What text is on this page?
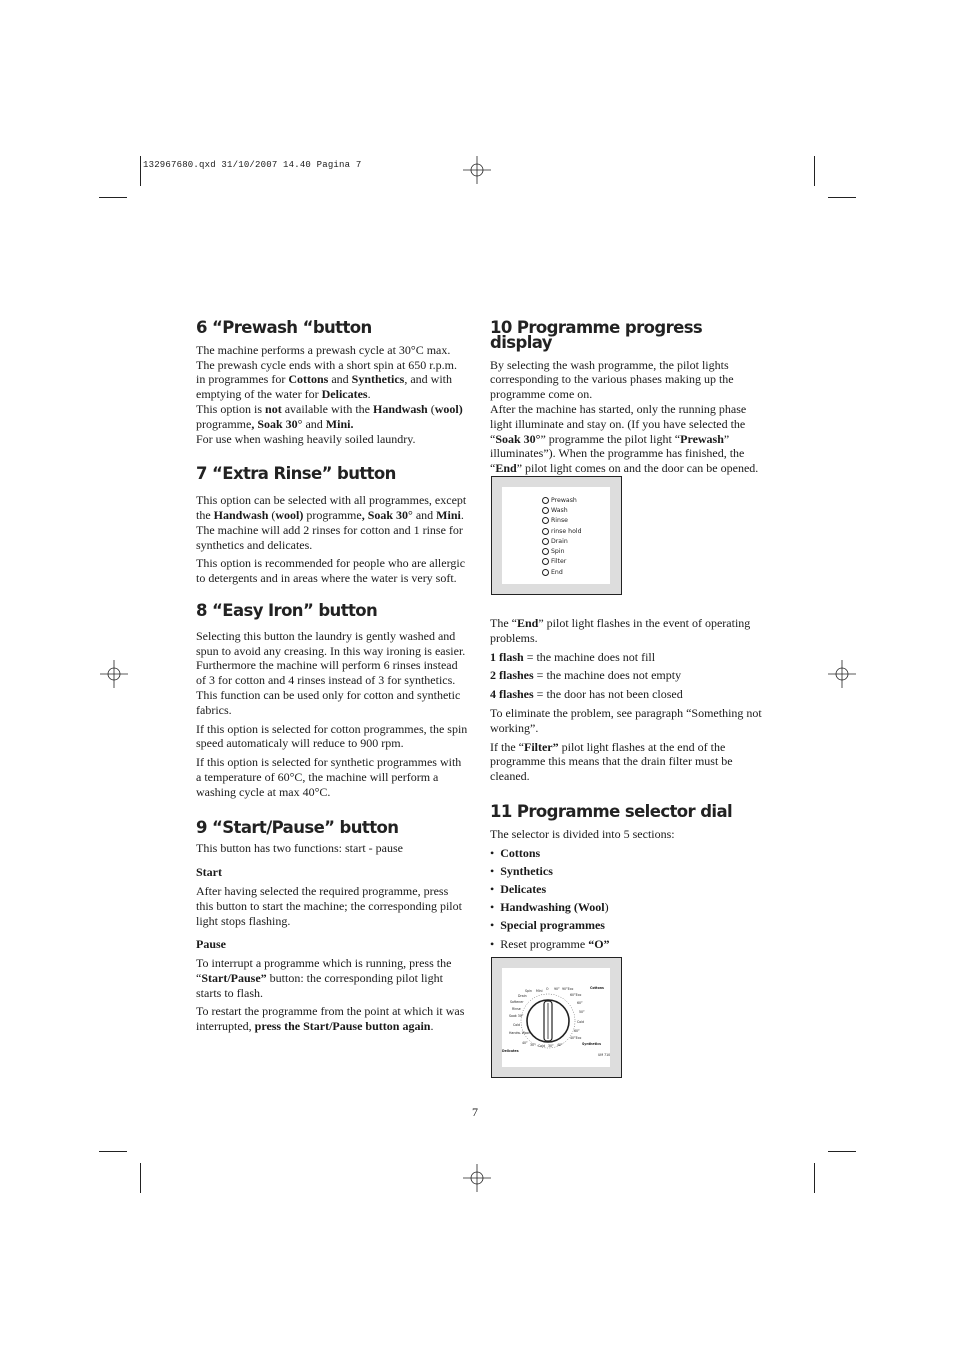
132967680.qxd 31/10/2007 14.40 Pagina 7
6 “Prewash “button

The machine performs a prewash cycle at 30°C max. The prewash cycle ends with a short spin at 650 r.p.m. in programmes for Cottons and Synthetics, and with emptying of the water for Delicates.

This option is not available with the Handwash (wool) programme, Soak 30° and Mini.

For use when washing heavily soiled laundry.

7 “Extra Rinse” button

This option can be selected with all programmes, except the Handwash (wool) programme, Soak 30° and Mini. The machine will add 2 rinses for cotton and 1 rinse for synthetics and delicates.

This option is recommended for people who are allergic to detergents and in areas where the water is very soft.

8 “Easy Iron” button

Selecting this button the laundry is gently washed and spun to avoid any creasing. In this way ironing is easier. Furthermore the machine will perform 6 rinses instead of 3 for cotton and 4 rinses instead of 3 for synthetics. This function can be used only for cotton and synthetic fabrics.

If this option is selected for cotton programmes, the spin speed automaticaly will reduce to 900 rpm.

If this option is selected for synthetic programmes with a temperature of 60°C, the machine will perform a washing cycle at max 40°C.

9 “Start/Pause” button

This button has two functions: start - pause

Start

After having selected the required programme, press this button to start the machine; the corresponding pilot light stops flashing.

Pause

To interrupt a programme which is running, press the “Start/Pause” button: the corresponding pilot light starts to flash.

To restart the programme from the point at which it was interrupted, press the Start/Pause button again.

10 Programme progress display

By selecting the wash programme, the pilot lights corresponding to the various phases making up the programme come on.

After the machine has started, only the running phase light illuminate and stay on. (If you have selected the “Soak 30°” programme the pilot light “Prewash” illuminates”). When the programme has finished, the “End” pilot light comes on and the door can be opened.

Prewash
Wash
Rinse
rinse hold
Drain
Spin
Filter
End

The “End” pilot light flashes in the event of operating problems.

1 flash = the machine does not fill

2 flashes = the machine does not empty

4 flashes = the door has not been closed

To eliminate the problem, see paragraph “Something not working”.

If the “Filter” pilot light flashes at the end of the programme this means that the drain filter must be cleaned.

11 Programme selector dial

The selector is divided into 5 sections:

•  Cottons
•  Synthetics
•  Delicates
•  Handwashing (Wool)
•  Special programmes
•  Reset programme “O”
Mini O 90° 90°Eco	Cottons
Spin
Drain
Softener
Rinse
Soak 30°
Cold
Handw. Wool
60°Eco
60°
50°
Cold
60°
40°Eco
40° 30° Cold 30° 40°
Delicates
Synthetics
UM 710
7
